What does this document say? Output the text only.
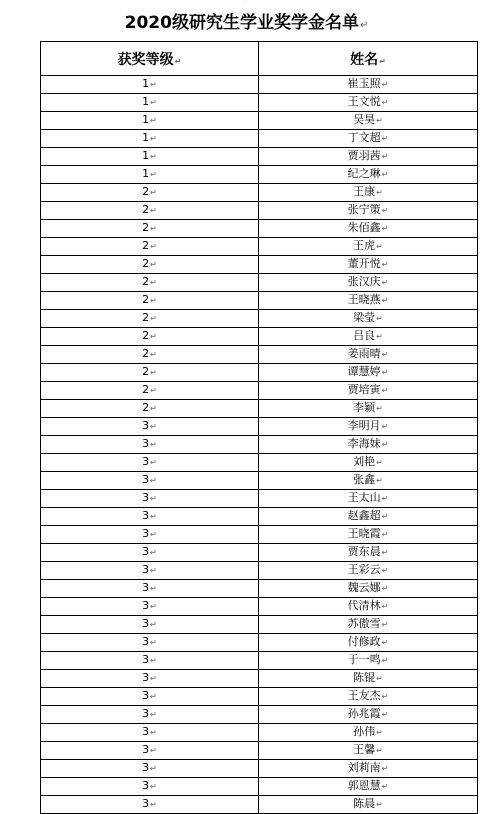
·
2020级研究生学业奖学金名单↵
获奖等级↵	姓名↵
1↵	崔玉照↵
1↵	王文悦↵
1↵	吴昊↵
1↵	丁文超↵
1↵	贾羽茜↵
1↵	纪之琳↵
2↵	王康↵
2↵	张宁策↵
2↵	朱佰鑫↵
2↵	王虎↵
2↵	董开悦↵
2↵	张汉庆↵
2↵	王晓燕↵
2↵	梁莹↵
2↵	吕良↵
2↵	姜雨晴↵
2↵	谭慧婷↵
2↵	贾培寅↵
2↵	李颖↵
3↵	李明月↵
3↵	李海妹↵
3↵	刘艳↵
3↵	张鑫↵
3↵	王太山↵
3↵	赵鑫超↵
3↵	王晓霞↵
3↵	贾东晨↵
3↵	王彩云↵
3↵	魏云娜↵
3↵	代清林↵
3↵	苏傲雪↵
3↵	付修政↵
3↵	于一鸣↵
3↵	陈锟↵
3↵	王友杰↵
3↵	孙兆霞↵
3↵	孙伟↵
3↵	王馨↵
3↵	刘莉南↵
3↵	郭恩慧↵
3↵	陈晨↵
